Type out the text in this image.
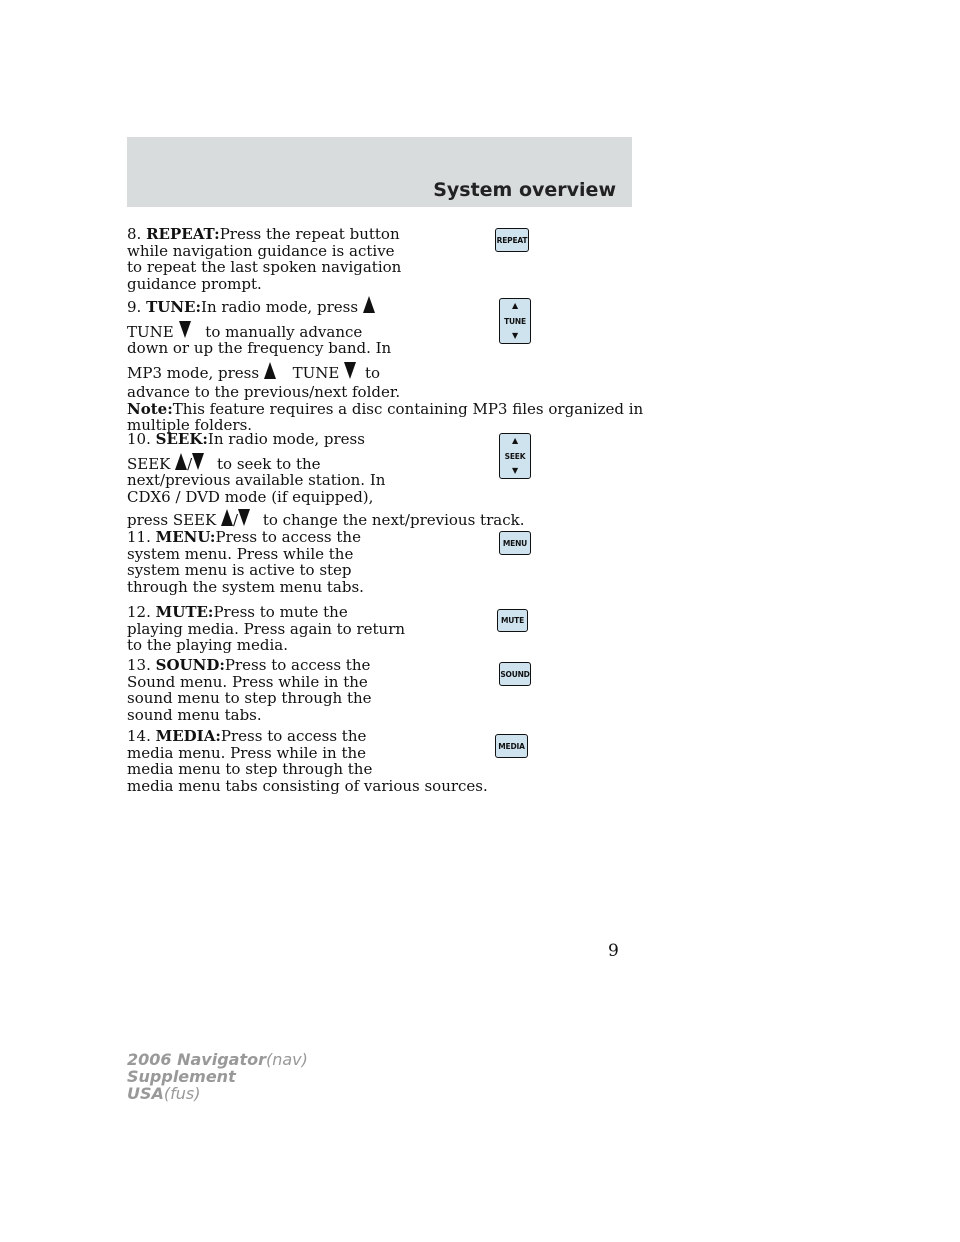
System overview
8. REPEAT:Press the repeat button
while navigation guidance is active
to repeat the last spoken navigation
guidance prompt.
REPEAT
9. TUNE:In radio mode, press
TUNE to manually advance
down or up the frequency band. In
MP3 mode, press TUNE to
advance to the previous/next folder.
Note:This feature requires a disc containing MP3 files organized in
multiple folders.
▲
TUNE
▼
10. SEEK:In radio mode, press
SEEK / to seek to the
next/previous available station. In
CDX6 / DVD mode (if equipped),
press SEEK / to change the next/previous track.
▲
SEEK
▼
11. MENU:Press to access the
system menu. Press while the
system menu is active to step
through the system menu tabs.
MENU
12. MUTE:Press to mute the
playing media. Press again to return
to the playing media.
MUTE
13. SOUND:Press to access the
Sound menu. Press while in the
sound menu to step through the
sound menu tabs.
SOUND
14. MEDIA:Press to access the
media menu. Press while in the
media menu to step through the
media menu tabs consisting of various sources.
MEDIA
9
2006 Navigator(nav)
Supplement
USA(fus)
